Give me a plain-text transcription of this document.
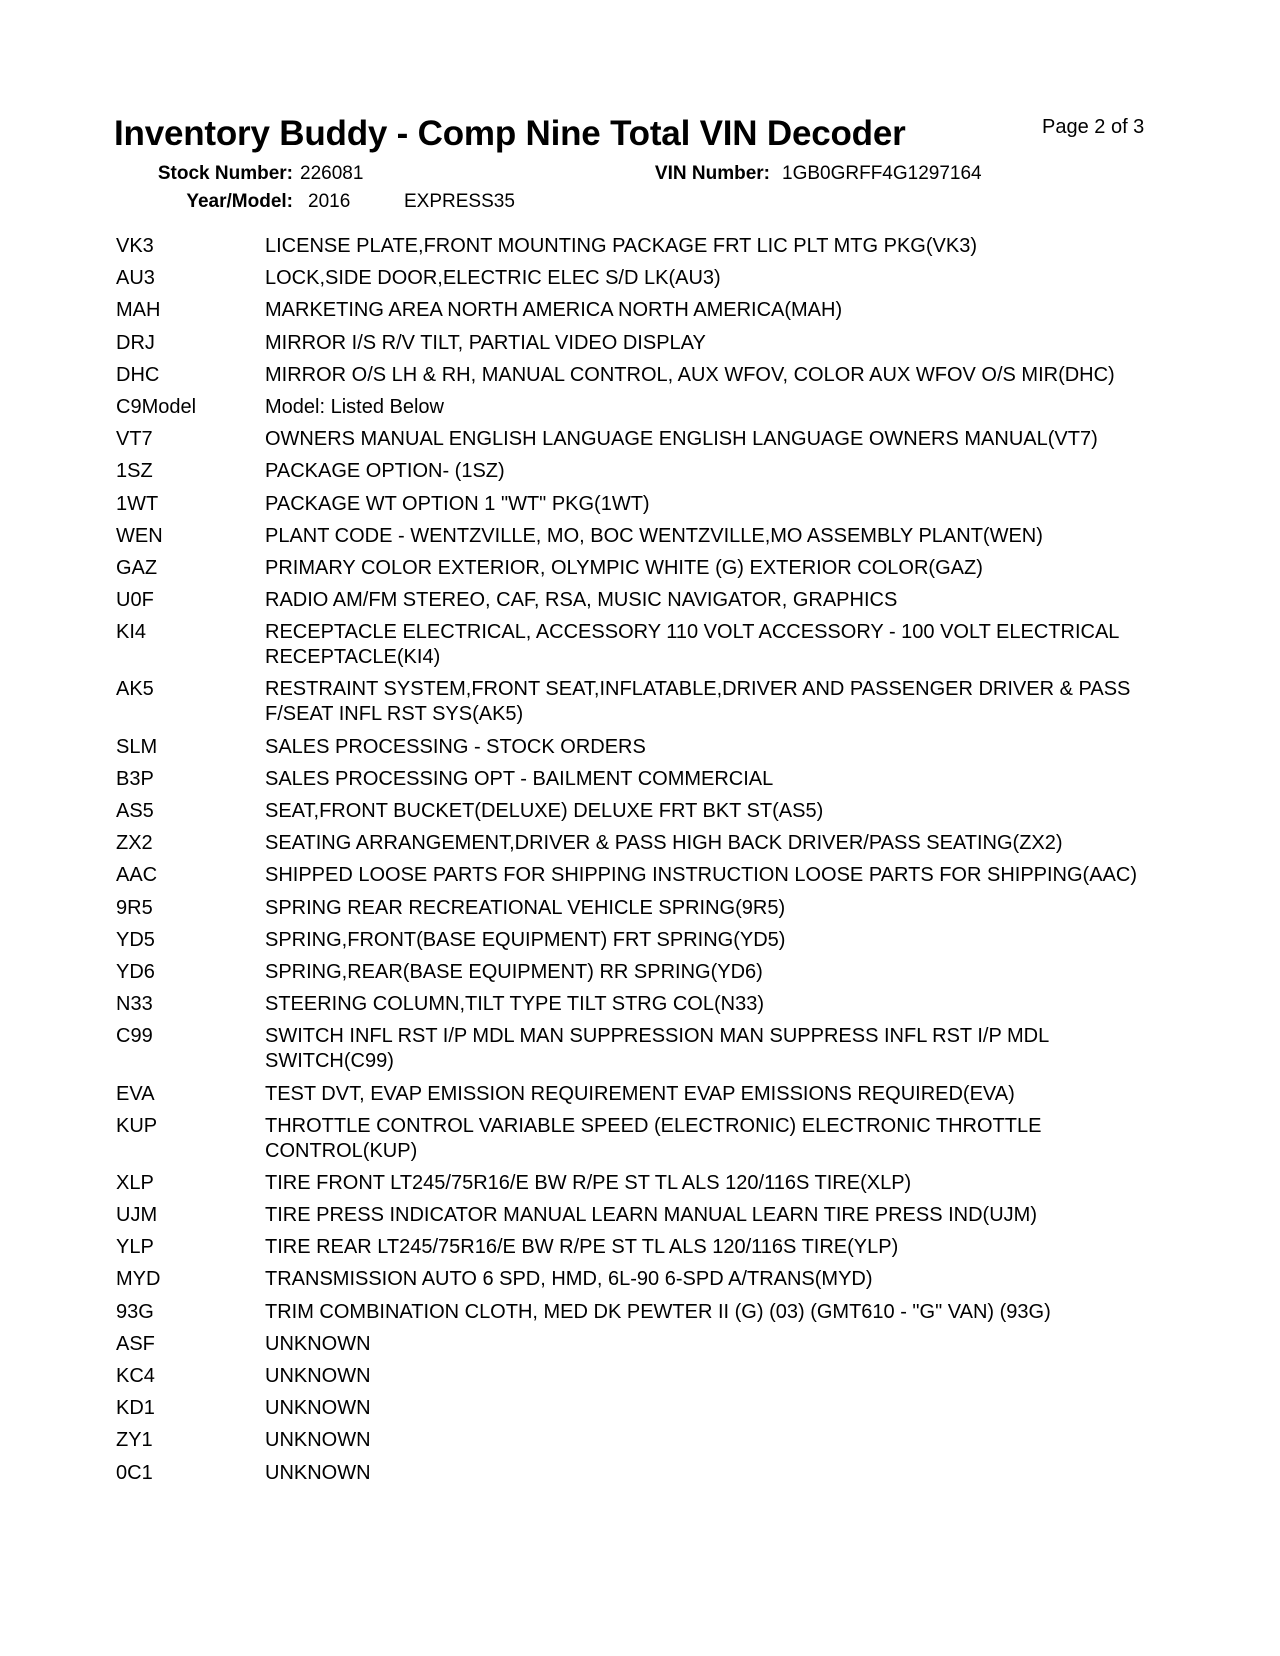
Inventory Buddy - Comp Nine Total VIN Decoder	Page 2 of 3
Stock Number: 226081	VIN Number: 1GB0GRFF4G1297164
Year/Model: 2016	EXPRESS35
VK3	LICENSE PLATE,FRONT MOUNTING PACKAGE FRT LIC PLT MTG PKG(VK3)
AU3	LOCK,SIDE DOOR,ELECTRIC ELEC S/D LK(AU3)
MAH	MARKETING AREA NORTH AMERICA NORTH AMERICA(MAH)
DRJ	MIRROR I/S R/V TILT, PARTIAL VIDEO DISPLAY
DHC	MIRROR O/S LH & RH, MANUAL CONTROL, AUX WFOV, COLOR AUX WFOV O/S MIR(DHC)
C9Model	Model: Listed Below
VT7	OWNERS MANUAL ENGLISH LANGUAGE ENGLISH LANGUAGE OWNERS MANUAL(VT7)
1SZ	PACKAGE OPTION- (1SZ)
1WT	PACKAGE WT OPTION 1 "WT" PKG(1WT)
WEN	PLANT CODE - WENTZVILLE, MO, BOC WENTZVILLE,MO ASSEMBLY PLANT(WEN)
GAZ	PRIMARY COLOR EXTERIOR, OLYMPIC WHITE (G) EXTERIOR COLOR(GAZ)
U0F	RADIO AM/FM STEREO, CAF, RSA, MUSIC NAVIGATOR, GRAPHICS
KI4	RECEPTACLE ELECTRICAL, ACCESSORY 110 VOLT ACCESSORY - 100 VOLT ELECTRICAL RECEPTACLE(KI4)
AK5	RESTRAINT SYSTEM,FRONT SEAT,INFLATABLE,DRIVER AND PASSENGER DRIVER & PASS F/SEAT INFL RST SYS(AK5)
SLM	SALES PROCESSING - STOCK ORDERS
B3P	SALES PROCESSING OPT - BAILMENT COMMERCIAL
AS5	SEAT,FRONT BUCKET(DELUXE) DELUXE FRT BKT ST(AS5)
ZX2	SEATING ARRANGEMENT,DRIVER & PASS HIGH BACK DRIVER/PASS SEATING(ZX2)
AAC	SHIPPED LOOSE PARTS FOR SHIPPING INSTRUCTION LOOSE PARTS FOR SHIPPING(AAC)
9R5	SPRING REAR RECREATIONAL VEHICLE SPRING(9R5)
YD5	SPRING,FRONT(BASE EQUIPMENT) FRT SPRING(YD5)
YD6	SPRING,REAR(BASE EQUIPMENT) RR SPRING(YD6)
N33	STEERING COLUMN,TILT TYPE TILT STRG COL(N33)
C99	SWITCH INFL RST I/P MDL MAN SUPPRESSION MAN SUPPRESS INFL RST I/P MDL SWITCH(C99)
EVA	TEST DVT, EVAP EMISSION REQUIREMENT EVAP EMISSIONS REQUIRED(EVA)
KUP	THROTTLE CONTROL VARIABLE SPEED (ELECTRONIC) ELECTRONIC THROTTLE CONTROL(KUP)
XLP	TIRE FRONT LT245/75R16/E BW R/PE ST TL ALS 120/116S TIRE(XLP)
UJM	TIRE PRESS INDICATOR MANUAL LEARN MANUAL LEARN TIRE PRESS IND(UJM)
YLP	TIRE REAR LT245/75R16/E BW R/PE ST TL ALS 120/116S TIRE(YLP)
MYD	TRANSMISSION AUTO 6 SPD, HMD, 6L-90 6-SPD A/TRANS(MYD)
93G	TRIM COMBINATION CLOTH, MED DK PEWTER II (G) (03) (GMT610 - "G" VAN) (93G)
ASF	UNKNOWN
KC4	UNKNOWN
KD1	UNKNOWN
ZY1	UNKNOWN
0C1	UNKNOWN
